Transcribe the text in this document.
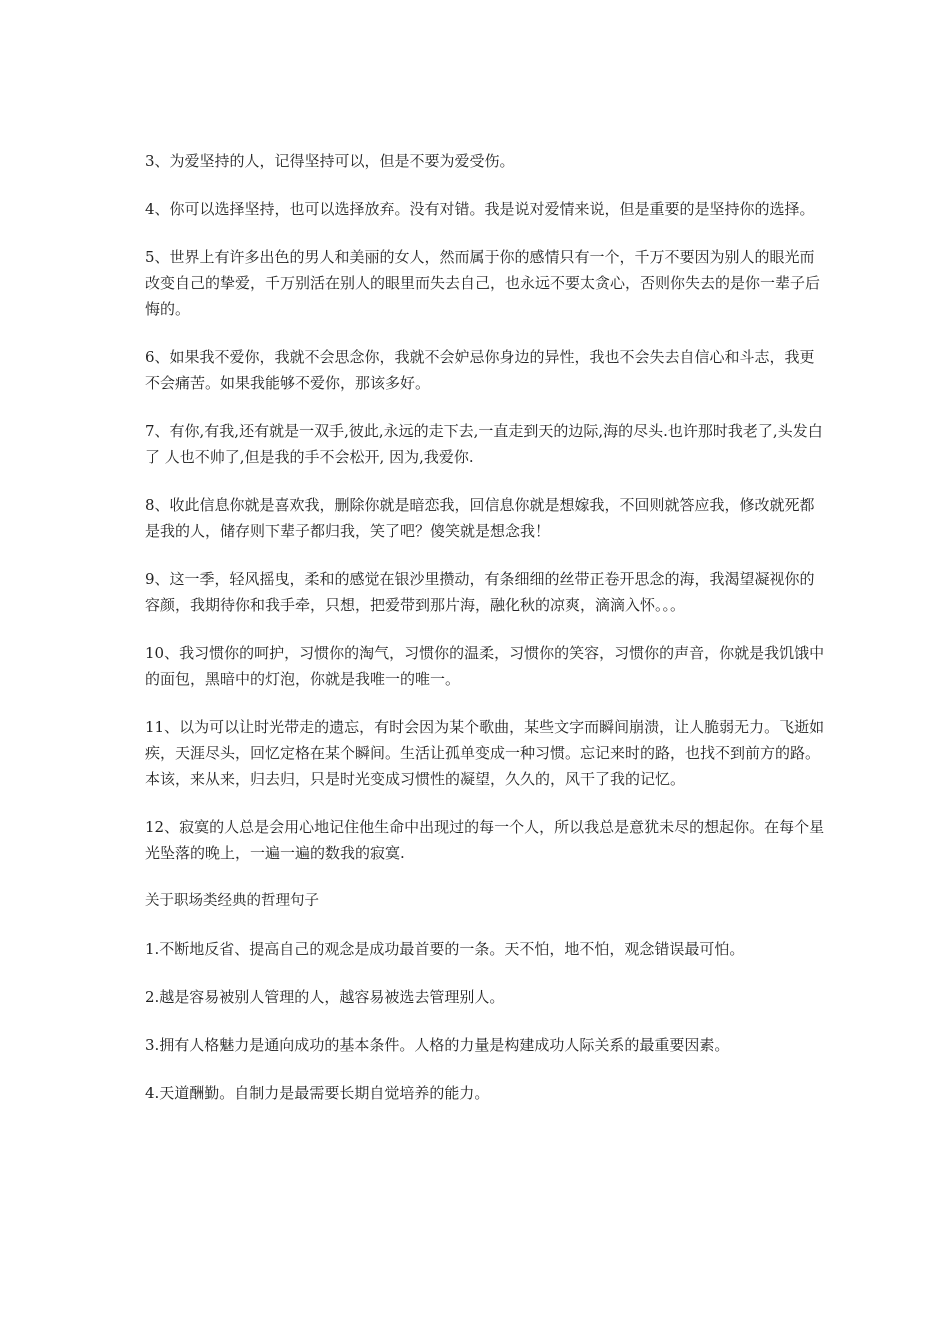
3、为爱坚持的人，记得坚持可以，但是不要为爱受伤。

4、你可以选择坚持，也可以选择放弃。没有对错。我是说对爱情来说，但是重要的是坚持你的选择。

5、世界上有许多出色的男人和美丽的女人，然而属于你的感情只有一个，千万不要因为别人的眼光而改变自己的挚爱，千万别活在别人的眼里而失去自己，也永远不要太贪心，否则你失去的是你一辈子后悔的。

6、如果我不爱你，我就不会思念你，我就不会妒忌你身边的异性，我也不会失去自信心和斗志，我更不会痛苦。如果我能够不爱你，那该多好。

7、有你,有我,还有就是一双手,彼此,永远的走下去,一直走到天的边际,海的尽头.也许那时我老了,头发白了 人也不帅了,但是我的手不会松开, 因为,我爱你.

8、收此信息你就是喜欢我，删除你就是暗恋我，回信息你就是想嫁我，不回则就答应我，修改就死都是我的人，储存则下辈子都归我，笑了吧？傻笑就是想念我！

9、这一季，轻风摇曳，柔和的感觉在银沙里攒动，有条细细的丝带正卷开思念的海，我渴望凝视你的容颜，我期待你和我手牵，只想，把爱带到那片海，融化秋的凉爽，滴滴入怀。。。

10、我习惯你的呵护，习惯你的淘气，习惯你的温柔，习惯你的笑容，习惯你的声音，你就是我饥饿中的面包，黑暗中的灯泡，你就是我唯一的唯一。

11、以为可以让时光带走的遗忘，有时会因为某个歌曲，某些文字而瞬间崩溃，让人脆弱无力。飞逝如疾，天涯尽头，回忆定格在某个瞬间。生活让孤单变成一种习惯。忘记来时的路，也找不到前方的路。本该，来从来，归去归，只是时光变成习惯性的凝望，久久的，风干了我的记忆。

12、寂寞的人总是会用心地记住他生命中出现过的每一个人，所以我总是意犹未尽的想起你。在每个星光坠落的晚上，一遍一遍的数我的寂寞.

关于职场类经典的哲理句子

1.不断地反省、提高自己的观念是成功最首要的一条。天不怕，地不怕，观念错误最可怕。

2.越是容易被别人管理的人，越容易被选去管理别人。

3.拥有人格魅力是通向成功的基本条件。人格的力量是构建成功人际关系的最重要因素。

4.天道酬勤。自制力是最需要长期自觉培养的能力。
